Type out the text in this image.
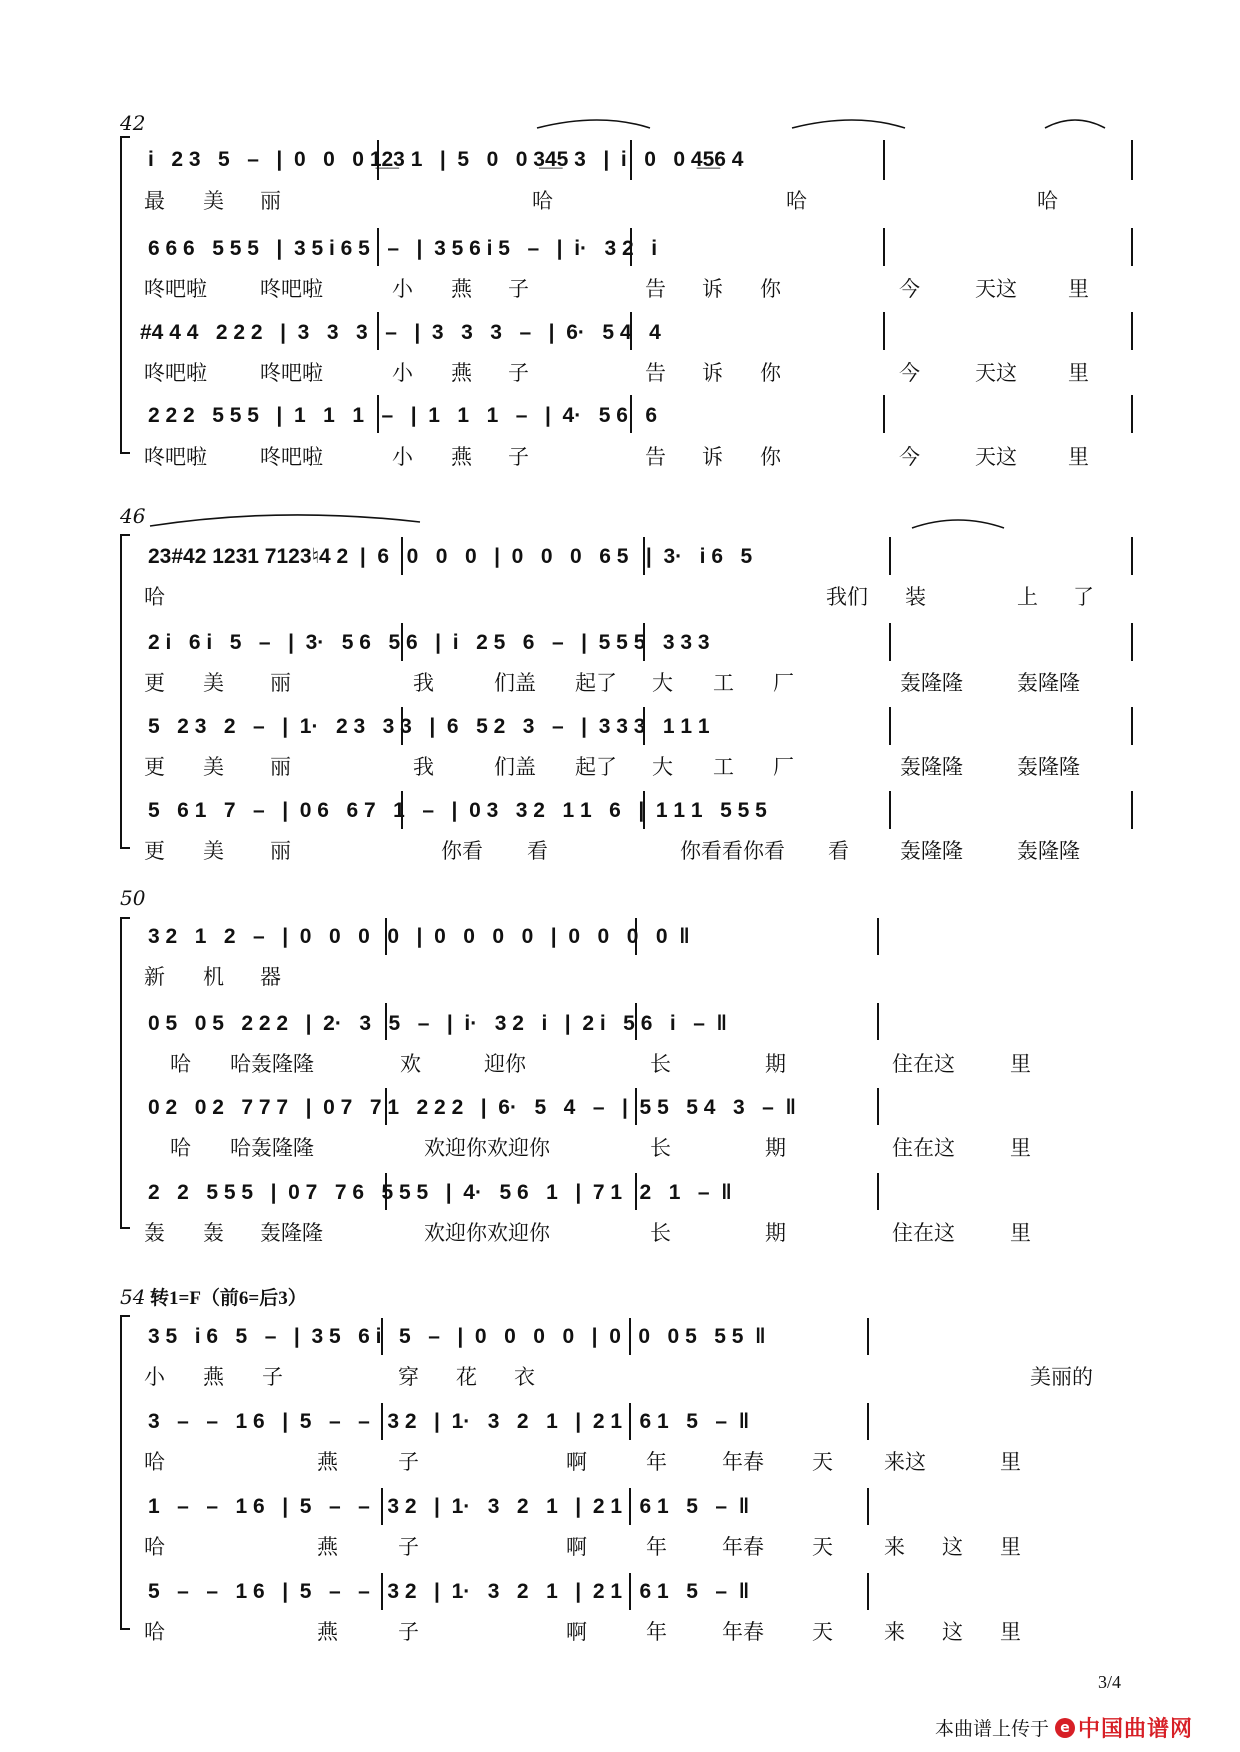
42
i   2 3   5   –   |  0   0   0 1̲2̲3 1   |  5   0   0 3̲4̲5 3   |  i   0   0 4̲5̲6 4
最 美 丽	哈	哈	哈
6 6 6   5 5 5   |  3 5 i 6 5   –   |  3 5 6 i 5   –   |  i·   3 2   i
咚吧啦	咚吧啦	小 燕 子	告 诉 你	今	天这 里
#4 4 4   2 2 2   |  3   3   3   –   |  3   3   3   –   |  6·   5 4   4
咚吧啦	咚吧啦	小 燕 子	告 诉 你	今	天这 里
2 2 2   5 5 5   |  1   1   1   –   |  1   1   1   –   |  4·   5 6   6
咚吧啦	咚吧啦	小 燕 子	告 诉 你	今	天这 里
46
23#42 1231 7123♮4 2  |  6   0   0   0   |  0   0   0   6 5   |  3·   i 6   5
哈	我们 装	上 了
2 i   6 i   5   –   |  3·   5 6   5 6   |  i   2 5   6   –   |  5 5 5   3 3 3
更 美 丽	我	们盖 起了 大 工 厂	轰隆隆	轰隆隆
5   2 3   2   –   |  1·   2 3   3 3   |  6   5 2   3   –   |  3 3 3   1 1 1
更 美 丽	我	们盖 起了 大 工 厂	轰隆隆	轰隆隆
5   6 1   7   –   |  0 6   6 7   1   –   |  0 3   3 2   1 1   6   |  1 1 1   5 5 5
更 美 丽	你看 看	你看看你看 看 轰隆隆	轰隆隆
50
3 2   1   2   –   |  0   0   0   0   |  0   0   0   0   |  0   0   0   0  ‖
新 机 器
0 5   0 5   2 2 2   |  2·   3   5   –   |  i·   3 2   i   |  2 i   5 6   i   –  ‖
哈 哈轰隆隆	欢	迎你	长	期	住在这	里
0 2   0 2   7 7 7   |  0 7   7 1   2 2 2   |  6·   5   4   –   |  5 5   5 4   3   –  ‖
哈 哈轰隆隆	欢迎你欢迎你	长	期	住在这	里
2   2   5 5 5   |  0 7   7 6   5 5 5   |  4·   5 6   1   |  7 1   2   1   –  ‖
轰 轰 轰隆隆	欢迎你欢迎你	长	期	住在这	里
54
3 5   i 6   5   –   |  3 5   6 i   5   –   |  0   0   0   0   |  0   0   0 5   5 5  ‖
小 燕 子	穿 花 衣	美丽的
3   –   –   1 6   |  5   –   –   3 2   |  1·   3   2   1   |  2 1   6 1   5   –  ‖
哈	燕	子	啊	年	年春 天 来这	里
1   –   –   1 6   |  5   –   –   3 2   |  1·   3   2   1   |  2 1   6 1   5   –  ‖
哈	燕	子	啊	年	年春 天 来 这 里
5   –   –   1 6   |  5   –   –   3 2   |  1·   3   2   1   |  2 1   6 1   5   –  ‖
哈	燕	子	啊	年	年春 天 来 这 里
转1=F（前6=后3）
3/4
本曲谱上传于 e 中国曲谱网
